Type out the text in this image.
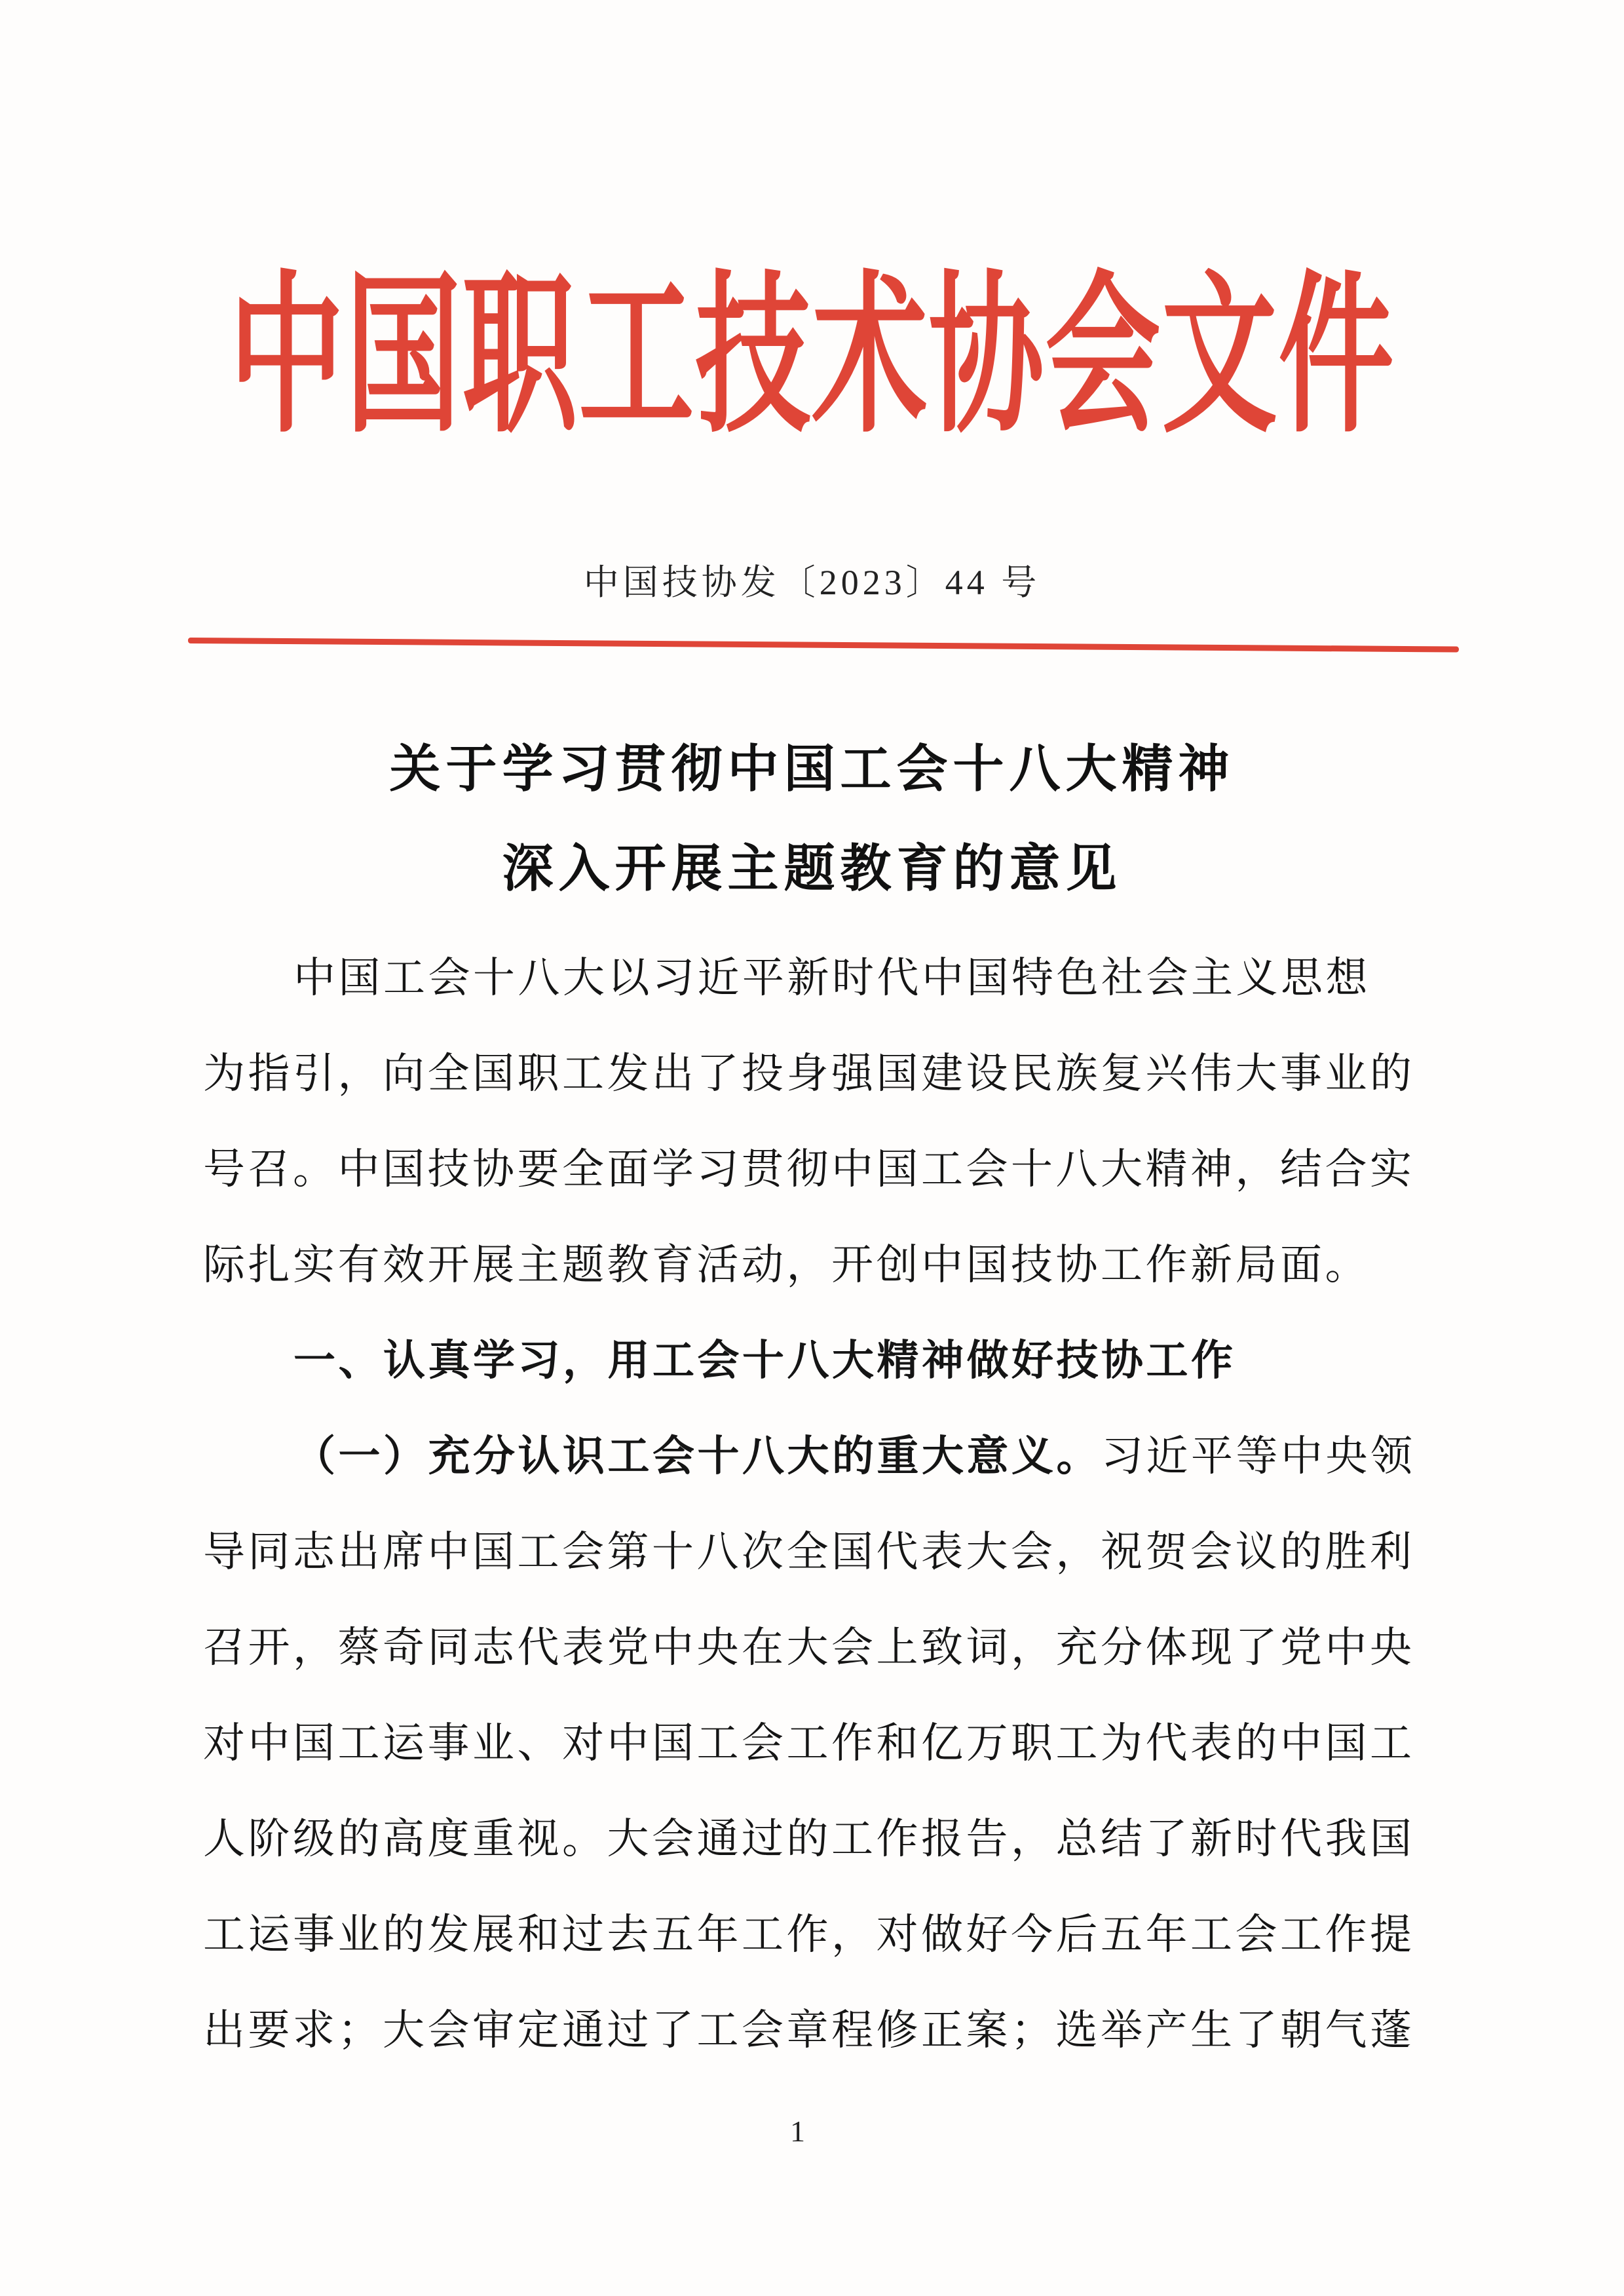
中国职工技术协会文件
中国技协发〔2023〕44 号
关于学习贯彻中国工会十八大精神
深入开展主题教育的意见
中国工会十八大以习近平新时代中国特色社会主义思想
为指引，向全国职工发出了投身强国建设民族复兴伟大事业的
号召。中国技协要全面学习贯彻中国工会十八大精神，结合实
际扎实有效开展主题教育活动，开创中国技协工作新局面。
一、认真学习，用工会十八大精神做好技协工作
（一）充分认识工会十八大的重大意义。习近平等中央领
导同志出席中国工会第十八次全国代表大会，祝贺会议的胜利
召开，蔡奇同志代表党中央在大会上致词，充分体现了党中央
对中国工运事业、对中国工会工作和亿万职工为代表的中国工
人阶级的高度重视。大会通过的工作报告，总结了新时代我国
工运事业的发展和过去五年工作，对做好今后五年工会工作提
出要求；大会审定通过了工会章程修正案；选举产生了朝气蓬
1
